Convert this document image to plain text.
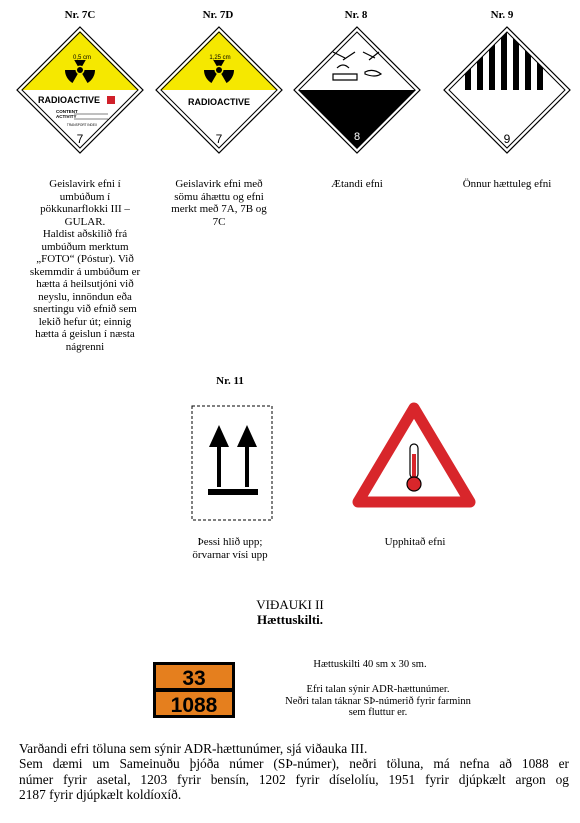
Nr. 7C	Nr. 7D	Nr. 8	Nr. 9
0,5 cm
RADIOACTIVE
CONTENT
ACTIVITY
TRANSPORT INDEX
7
1,25 cm
RADIOACTIVE
7	8	9
Geislavirk efni í
umbúðum í
pökkunarflokki III –
GULAR.
Haldist aðskilið frá
umbúðum merktum
„FOTO“ (Póstur). Við
skemmdir á umbúðum er
hætta á heilsutjóni við
neyslu, innöndun eða
snertingu við efnið sem
lekið hefur út; einnig
hætta á geislun í næsta
nágrenni
Geislavirk efni með
sömu áhættu og efni
merkt með 7A, 7B og
7C
Ætandi efni	Önnur hættuleg efni
Nr. 11
Þessi hlið upp;
örvarnar vísi upp
Upphitað efni
VIÐAUKI II
Hættuskilti.
33
1088
Hættuskilti 40 sm x 30 sm.
Efri talan sýnir ADR-hættunúmer.
Neðri talan táknar SÞ-númerið fyrir farminn
sem fluttur er.
Varðandi efri töluna sem sýnir ADR-hættunúmer, sjá viðauka III.
Sem dæmi um Sameinuðu þjóða númer (SÞ-númer), neðri töluna, má nefna að 1088 er
númer fyrir asetal, 1203 fyrir bensín, 1202 fyrir díselolíu, 1951 fyrir djúpkælt argon og
2187 fyrir djúpkælt koldíoxíð.
